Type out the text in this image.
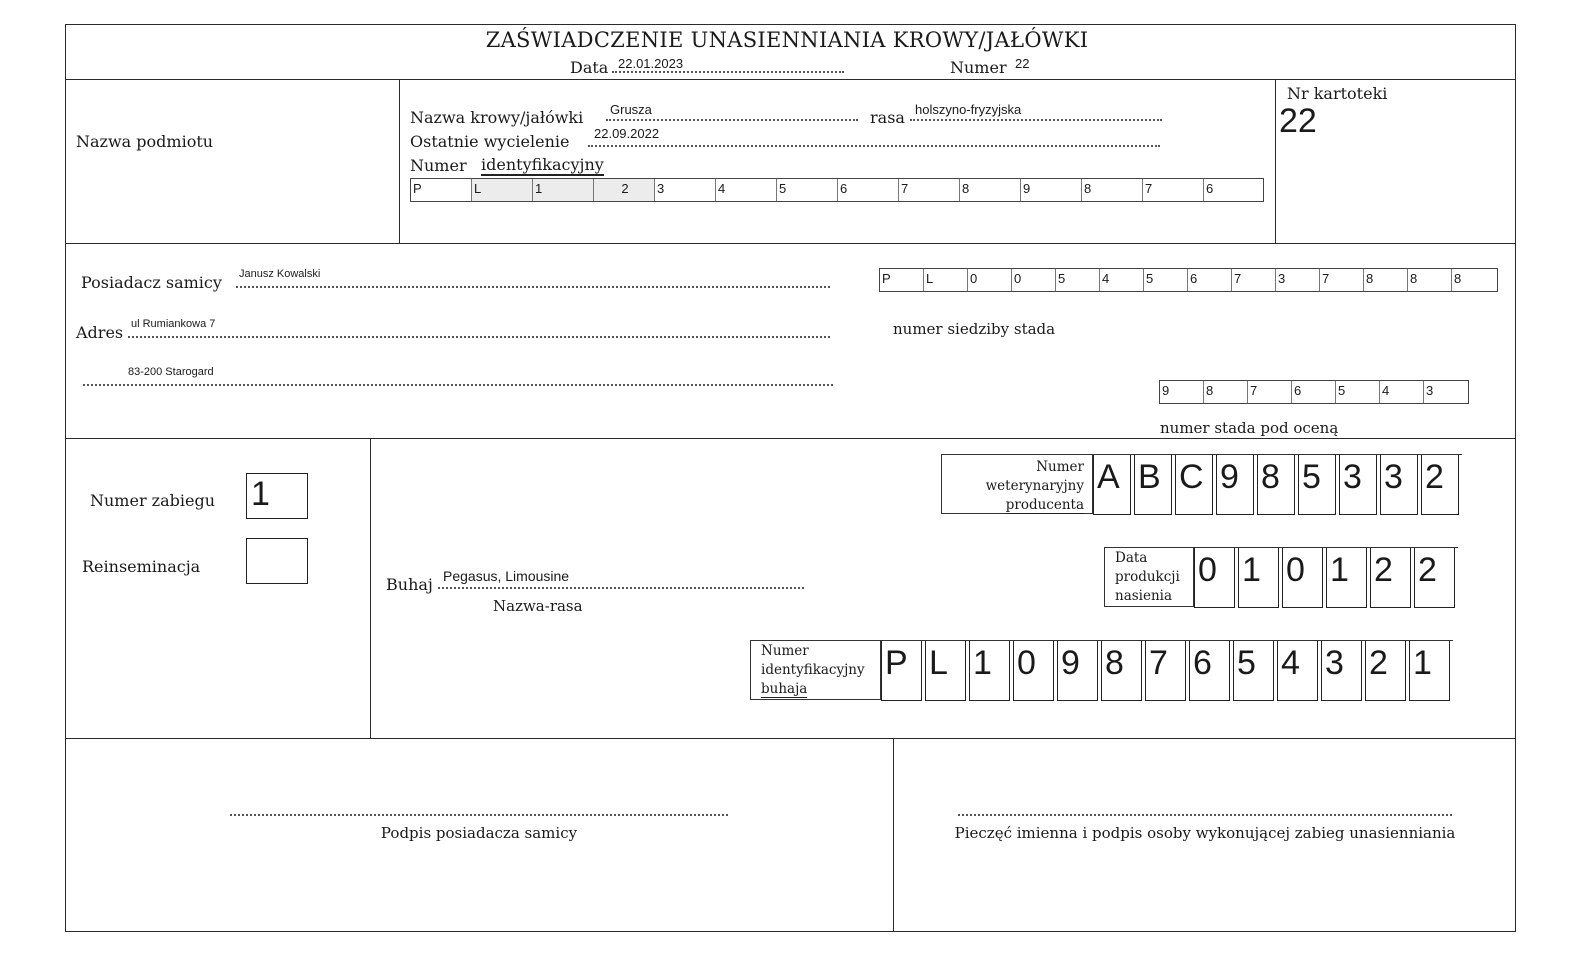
ZAŚWIADCZENIE UNASIENNIANIA KROWY/JAŁÓWKI
Data 22.01.2023	Numer 22
Nazwa podmiotu
Nazwa krowy/jałówki Grusza	rasa holszyno-fryzyjska
Ostatnie wycielenie 22.09.2022
Numer identyfikacyjny
P	L	1	2	3	4	5	6	7	8	9	8	7	6
Nr kartoteki
22
Posiadacz samicy Janusz Kowalski
Adres ul Rumiankowa 7
83-200 Starogard
P	L	0	0	5	4	5	6	7	3	7	8	8	8
numer siedziby stada
9	8	7	6	5	4	3
numer stada pod oceną
Numer zabiegu 1
Reinseminacja
Buhaj Pegasus, Limousine
Nazwa-rasa
Numer
weterynaryjny
producenta
A B C 9 8 5 3 3 2
Data
produkcji
nasienia
0 1 0 1 2 2
Numer
identyfikacyjny
buhaja
P L 1 0 9 8 7 6 5 4 3 2 1
Podpis posiadacza samicy	Pieczęć imienna i podpis osoby wykonującej zabieg unasienniania
